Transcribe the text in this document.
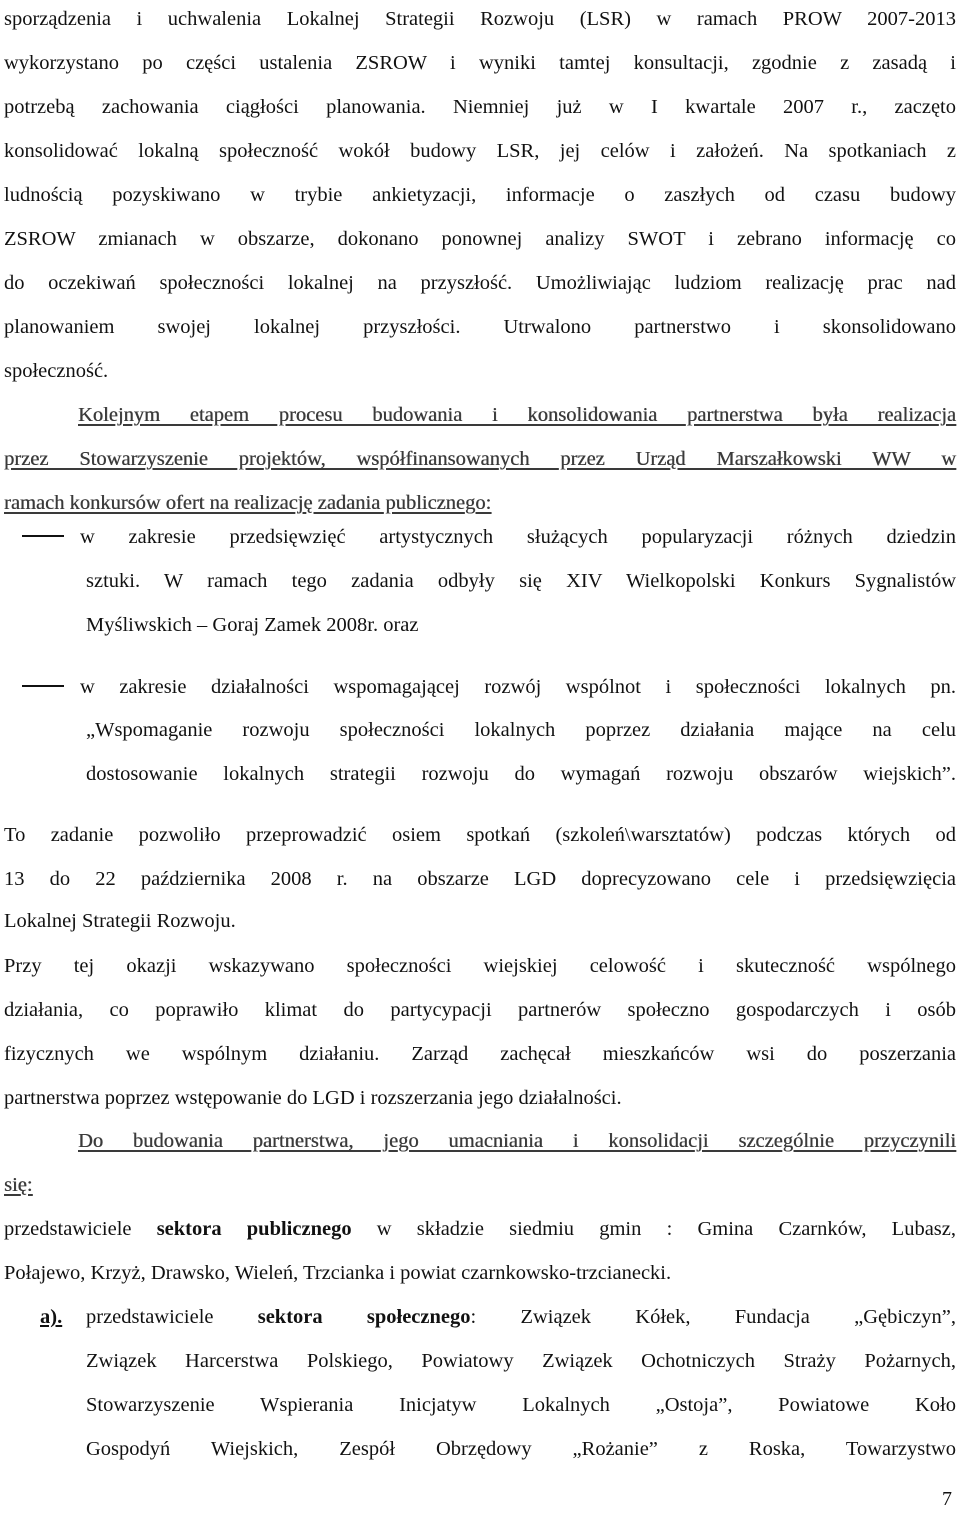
sporządzenia i uchwalenia Lokalnej Strategii Rozwoju (LSR) w ramach PROW 2007-2013
wykorzystano po części ustalenia ZSROW i wyniki tamtej konsultacji, zgodnie z zasadą i
potrzebą zachowania ciągłości planowania. Niemniej już w I kwartale 2007 r., zaczęto
konsolidować lokalną społeczność wokół budowy LSR, jej celów i założeń. Na spotkaniach z
ludnością pozyskiwano w trybie ankietyzacji, informacje o zaszłych od czasu budowy
ZSROW zmianach w obszarze, dokonano ponownej analizy SWOT i zebrano informację co
do oczekiwań społeczności lokalnej na przyszłość. Umożliwiając ludziom realizację prac nad
planowaniem swojej lokalnej przyszłości. Utrwalono partnerstwo i skonsolidowano
społeczność.
Kolejnym etapem procesu budowania i konsolidowania partnerstwa była realizacja
przez Stowarzyszenie projektów, współfinansowanych przez Urząd Marszałkowski WW w
ramach konkursów ofert na realizację zadania publicznego:
w zakresie przedsięwzięć artystycznych służących popularyzacji różnych dziedzin
sztuki. W ramach tego zadania odbyły się XIV Wielkopolski Konkurs Sygnalistów
Myśliwskich – Goraj Zamek 2008r. oraz
w zakresie działalności wspomagającej rozwój wspólnot i społeczności lokalnych pn.
„Wspomaganie rozwoju społeczności lokalnych poprzez działania mające na celu
dostosowanie lokalnych strategii rozwoju do wymagań rozwoju obszarów wiejskich”.
To zadanie pozwoliło przeprowadzić osiem spotkań (szkoleń\warsztatów) podczas których od
13 do 22 października 2008 r. na obszarze LGD doprecyzowano cele i przedsięwzięcia
Lokalnej Strategii Rozwoju.
Przy tej okazji wskazywano społeczności wiejskiej celowość i skuteczność wspólnego
działania, co poprawiło klimat do partycypacji partnerów społeczno gospodarczych i osób
fizycznych we wspólnym działaniu. Zarząd zachęcał mieszkańców wsi do poszerzania
partnerstwa poprzez wstępowanie do LGD i rozszerzania jego działalności.
Do budowania partnerstwa, jego umacniania i konsolidacji szczególnie przyczynili
się:
przedstawiciele sektora publicznego w składzie siedmiu gmin : Gmina Czarnków, Lubasz,
Połajewo, Krzyż, Drawsko, Wieleń, Trzcianka i powiat czarnkowsko-trzcianecki.
a). przedstawiciele sektora społecznego: Związek Kółek, Fundacja „Gębiczyn”,
Związek Harcerstwa Polskiego, Powiatowy Związek Ochotniczych Straży Pożarnych,
Stowarzyszenie Wspierania Inicjatyw Lokalnych „Ostoja”, Powiatowe Koło
Gospodyń Wiejskich, Zespół Obrzędowy „Rożanie” z Roska, Towarzystwo
7
